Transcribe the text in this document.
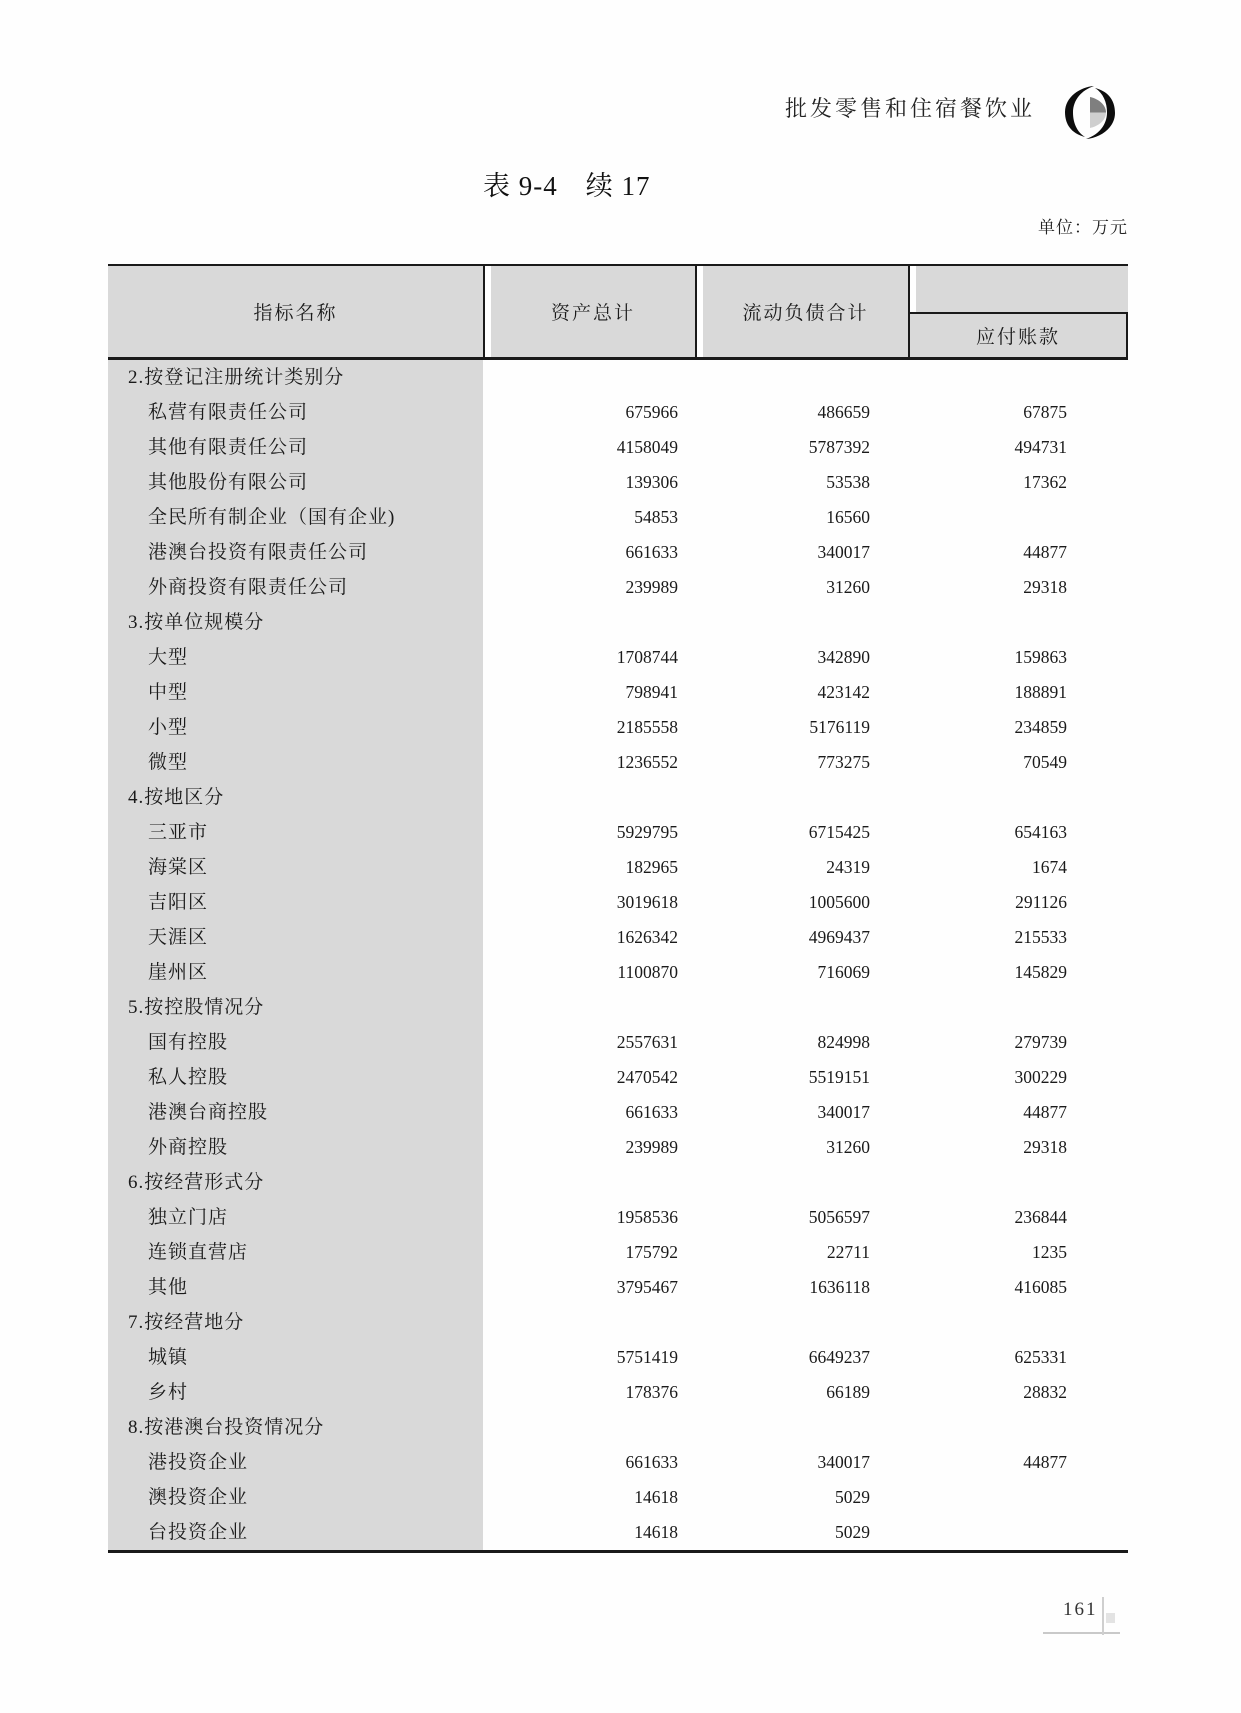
批发零售和住宿餐饮业
表 9-4　续 17
单位：万元
指标名称	资产总计	流动负债合计
应付账款
2.按登记注册统计类别分
私营有限责任公司	675966	486659	67875
其他有限责任公司	4158049	5787392	494731
其他股份有限公司	139306	53538	17362
全民所有制企业（国有企业)	54853	16560
港澳台投资有限责任公司	661633	340017	44877
外商投资有限责任公司	239989	31260	29318
3.按单位规模分
大型	1708744	342890	159863
中型	798941	423142	188891
小型	2185558	5176119	234859
微型	1236552	773275	70549
4.按地区分
三亚市	5929795	6715425	654163
海棠区	182965	24319	1674
吉阳区	3019618	1005600	291126
天涯区	1626342	4969437	215533
崖州区	1100870	716069	145829
5.按控股情况分
国有控股	2557631	824998	279739
私人控股	2470542	5519151	300229
港澳台商控股	661633	340017	44877
外商控股	239989	31260	29318
6.按经营形式分
独立门店	1958536	5056597	236844
连锁直营店	175792	22711	1235
其他	3795467	1636118	416085
7.按经营地分
城镇	5751419	6649237	625331
乡村	178376	66189	28832
8.按港澳台投资情况分
港投资企业	661633	340017	44877
澳投资企业	14618	5029
台投资企业	14618	5029
161
